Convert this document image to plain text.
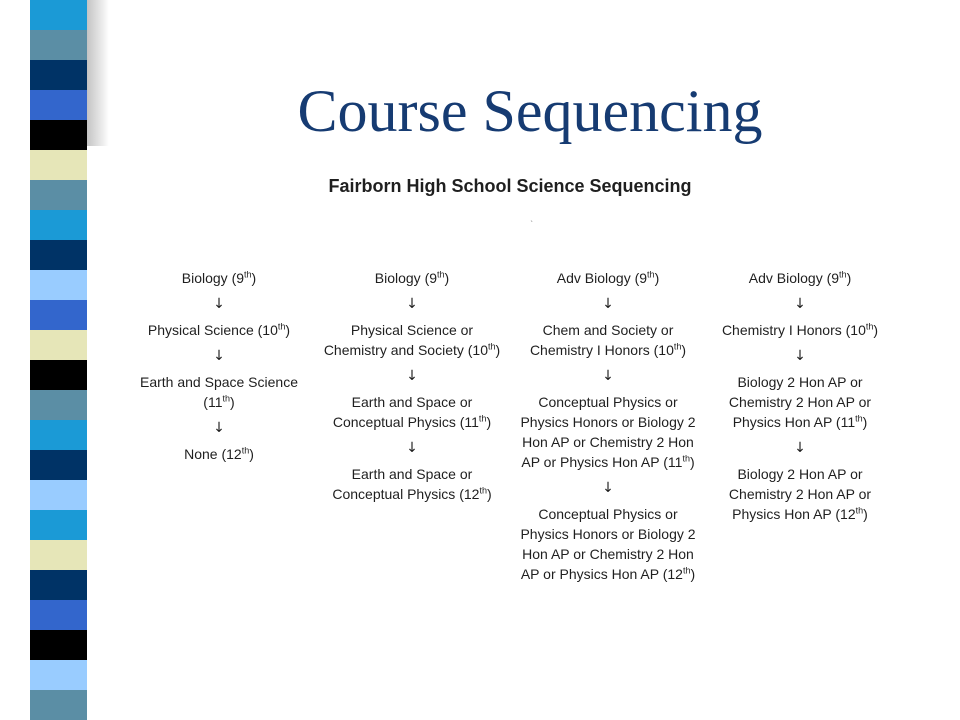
Course Sequencing
Fairborn High School Science Sequencing
`
Biology (9th)
↓
Physical Science (10th)
↓
Earth and Space Science (11th)
↓
None (12th)
Biology (9th)
↓
Physical Science or Chemistry and Society (10th)
↓
Earth and Space or Conceptual Physics (11th)
↓
Earth and Space or Conceptual Physics (12th)
Adv Biology (9th)
↓
Chem and Society or Chemistry I Honors (10th)
↓
Conceptual Physics or Physics Honors or Biology 2 Hon AP or Chemistry 2 Hon AP or Physics Hon AP (11th)
↓
Conceptual Physics or Physics Honors or Biology 2 Hon AP or Chemistry 2 Hon AP or Physics Hon AP (12th)
Adv Biology (9th)
↓
Chemistry I Honors (10th)
↓
Biology 2 Hon AP or Chemistry 2 Hon AP or Physics Hon AP (11th)
↓
Biology 2 Hon AP or Chemistry 2 Hon AP or Physics Hon AP (12th)
